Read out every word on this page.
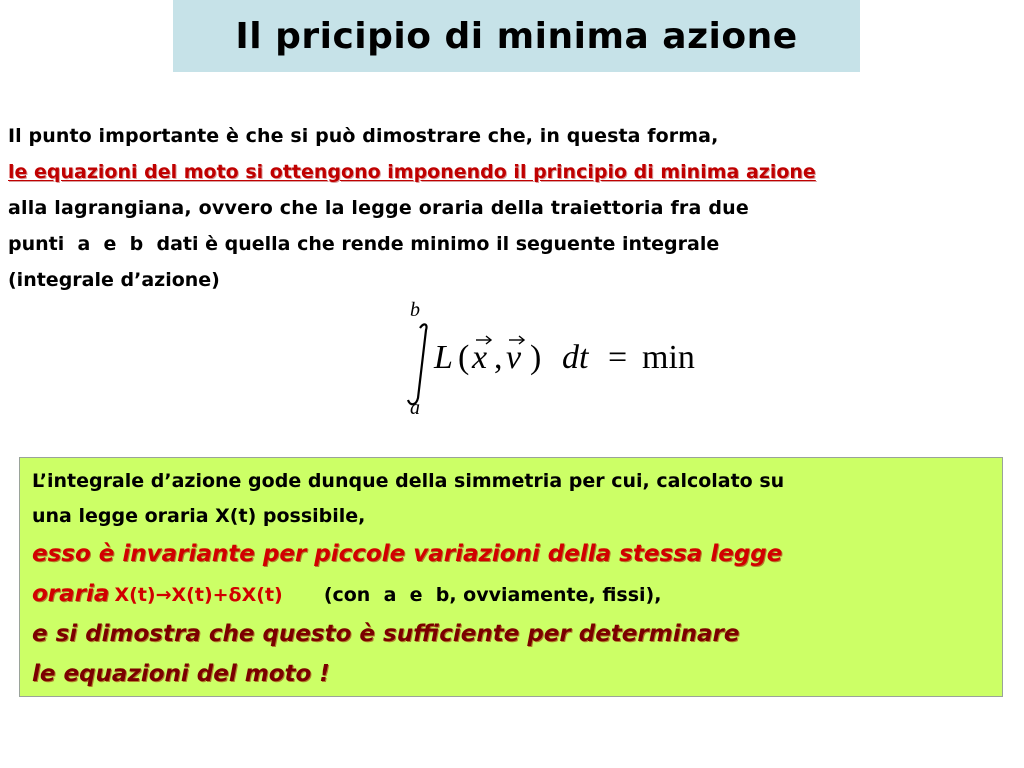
Il pricipio di minima azione
Il punto importante è che si può dimostrare che, in questa forma,
le equazioni del moto si ottengono imponendo il principio di minima azione
alla lagrangiana, ovvero che la legge oraria della traiettoria fra due
punti  a  e  b  dati è quella che rende minimo il seguente integrale
(integrale d’azione)
b
a
L ( x , v ) dt = min
L’integrale d’azione gode dunque della simmetria per cui, calcolato su
una legge oraria X(t) possibile,
esso è invariante per piccole variazioni della stessa legge
oraria X(t)→X(t)+δX(t) (con  a  e  b, ovviamente, fissi),
e si dimostra che questo è sufficiente per determinare
le equazioni del moto !
